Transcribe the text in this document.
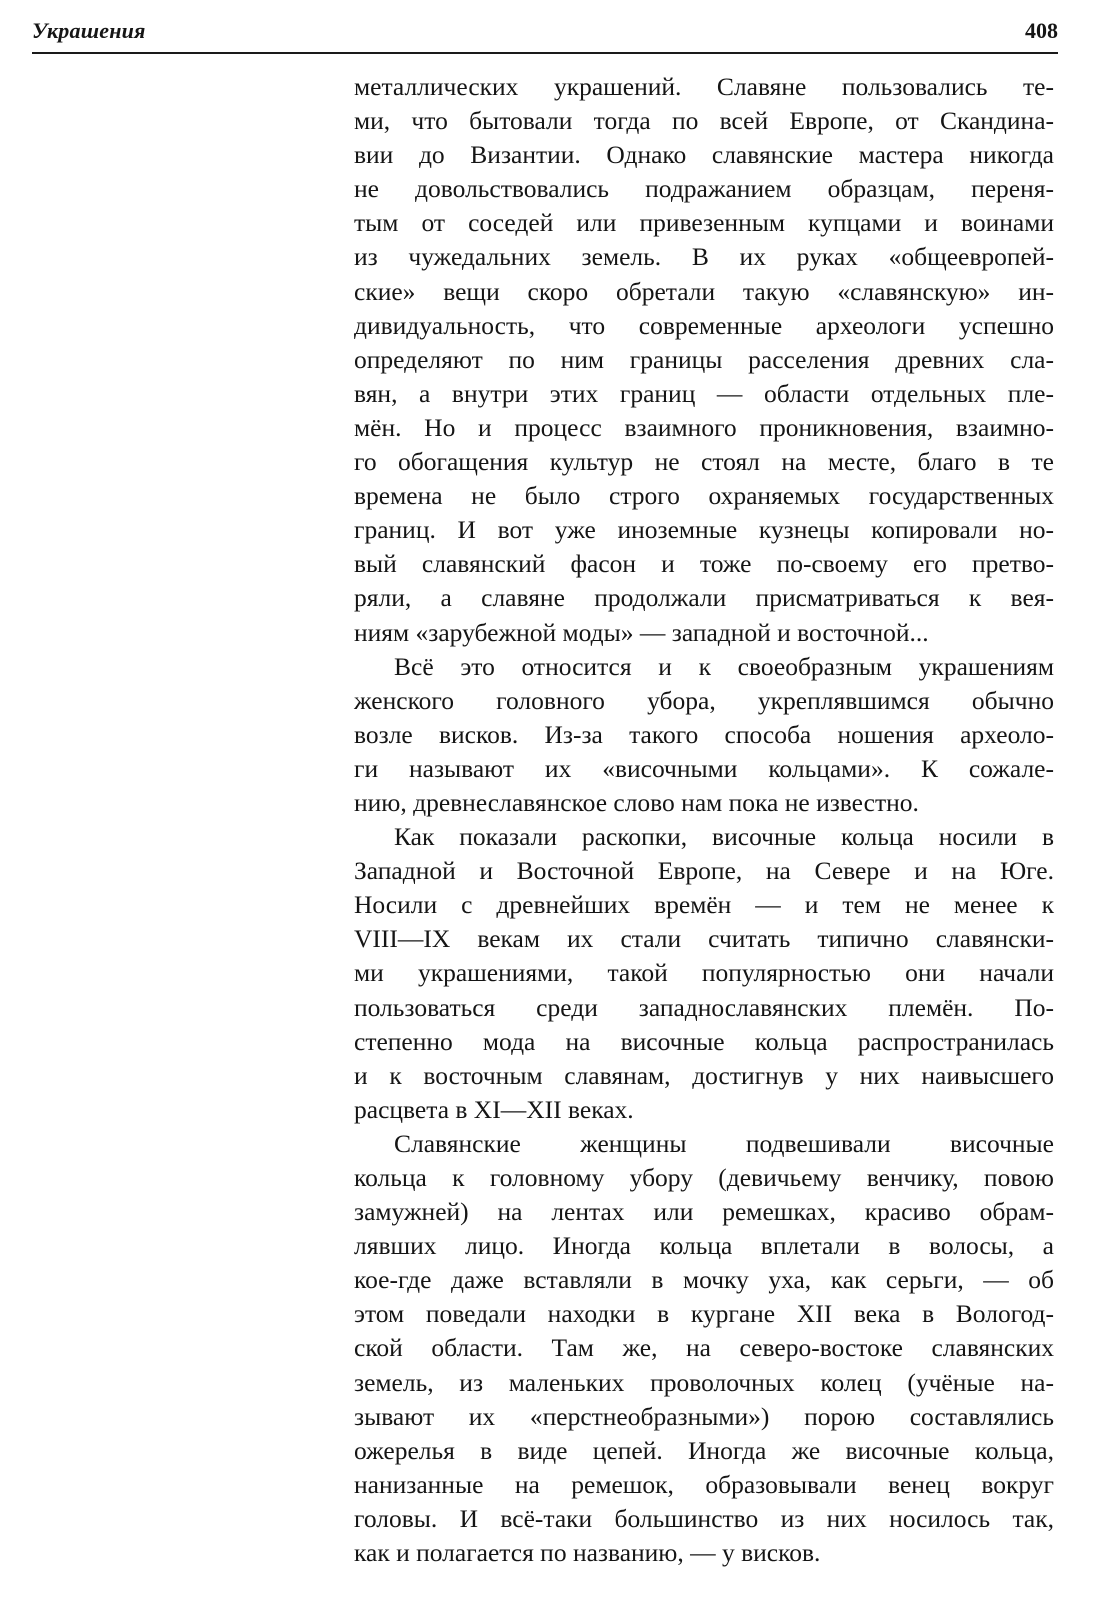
Украшения	408

металлических украшений. Славяне пользовались те-
ми, что бытовали тогда по всей Европе, от Скандина-
вии до Византии. Однако славянские мастера никогда
не довольствовались подражанием образцам, переня-
тым от соседей или привезенным купцами и воинами
из чужедальних земель. В их руках «общеевропей-
ские» вещи скоро обретали такую «славянскую» ин-
дивидуальность, что современные археологи успешно
определяют по ним границы расселения древних сла-
вян, а внутри этих границ — области отдельных пле-
мён. Но и процесс взаимного проникновения, взаимно-
го обогащения культур не стоял на месте, благо в те
времена не было строго охраняемых государственных
границ. И вот уже иноземные кузнецы копировали но-
вый славянский фасон и тоже по-своему его претво-
ряли, а славяне продолжали присматриваться к вея-
ниям «зарубежной моды» — западной и восточной...

Всё это относится и к своеобразным украшениям
женского головного убора, укреплявшимся обычно
возле висков. Из-за такого способа ношения археоло-
ги называют их «височными кольцами». К сожале-
нию, древнеславянское слово нам пока не известно.

Как показали раскопки, височные кольца носили в
Западной и Восточной Европе, на Севере и на Юге.
Носили с древнейших времён — и тем не менее к
VIII—IX векам их стали считать типично славянски-
ми украшениями, такой популярностью они начали
пользоваться среди западнославянских племён. По-
степенно мода на височные кольца распространилась
и к восточным славянам, достигнув у них наивысшего
расцвета в XI—XII веках.

Славянские женщины подвешивали височные
кольца к головному убору (девичьему венчику, повою
замужней) на лентах или ремешках, красиво обрам-
лявших лицо. Иногда кольца вплетали в волосы, а
кое-где даже вставляли в мочку уха, как серьги, — об
этом поведали находки в кургане XII века в Вологод-
ской области. Там же, на северо-востоке славянских
земель, из маленьких проволочных колец (учёные на-
зывают их «перстнеобразными») порою составлялись
ожерелья в виде цепей. Иногда же височные кольца,
нанизанные на ремешок, образовывали венец вокруг
головы. И всё-таки большинство из них носилось так,
как и полагается по названию, — у висков.
